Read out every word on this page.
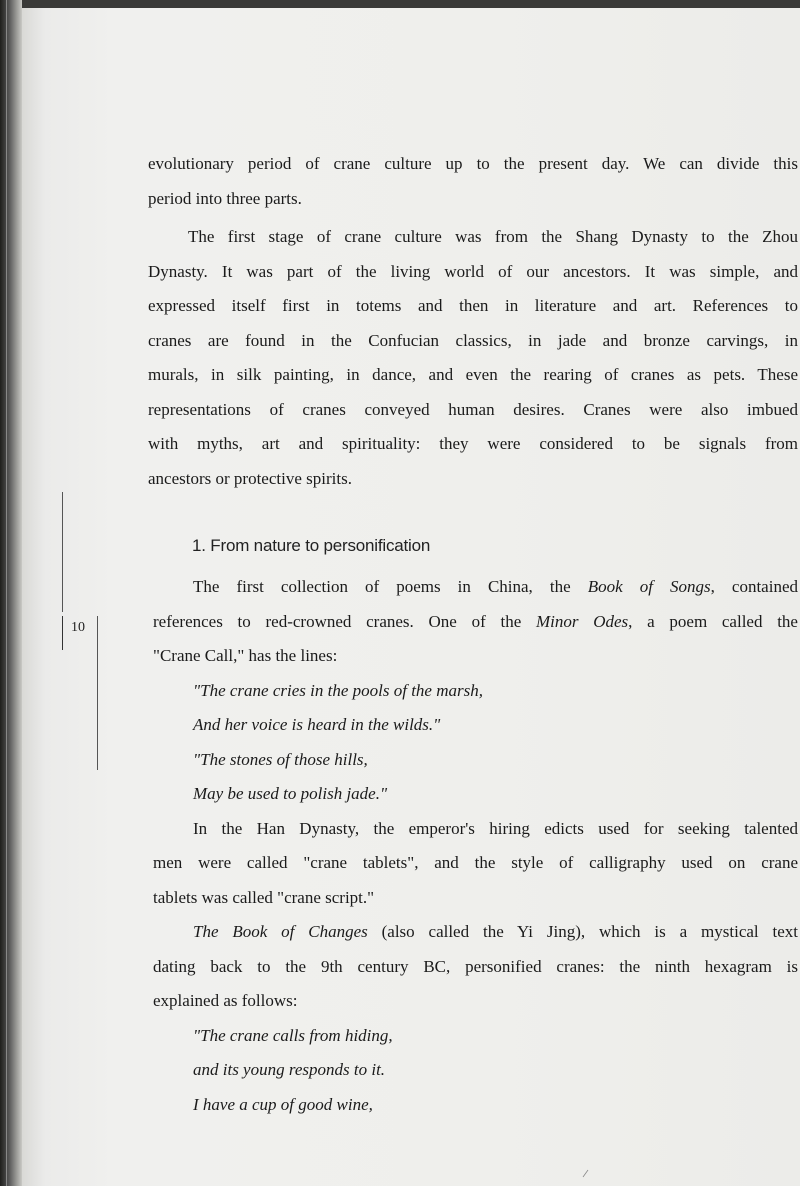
evolutionary period of crane culture up to the present day. We can divide this
period into three parts.
The first stage of crane culture was from the Shang Dynasty to the Zhou
Dynasty. It was part of the living world of our ancestors. It was simple, and
expressed itself first in totems and then in literature and art. References to
cranes are found in the Confucian classics, in jade and bronze carvings, in
murals, in silk painting, in dance, and even the rearing of cranes as pets. These
representations of cranes conveyed human desires. Cranes were also imbued
with myths, art and spirituality: they were considered to be signals from
ancestors or protective spirits.
1. From nature to personification
10
The first collection of poems in China, the Book of Songs, contained
references to red-crowned cranes. One of the Minor Odes, a poem called the
"Crane Call," has the lines:
"The crane cries in the pools of the marsh,
And her voice is heard in the wilds."
"The stones of those hills,
May be used to polish jade."
In the Han Dynasty, the emperor's hiring edicts used for seeking talented
men were called "crane tablets", and the style of calligraphy used on crane
tablets was called "crane script."
The Book of Changes (also called the Yi Jing), which is a mystical text
dating back to the 9th century BC, personified cranes: the ninth hexagram is
explained as follows:
"The crane calls from hiding,
and its young responds to it.
I have a cup of good wine,
